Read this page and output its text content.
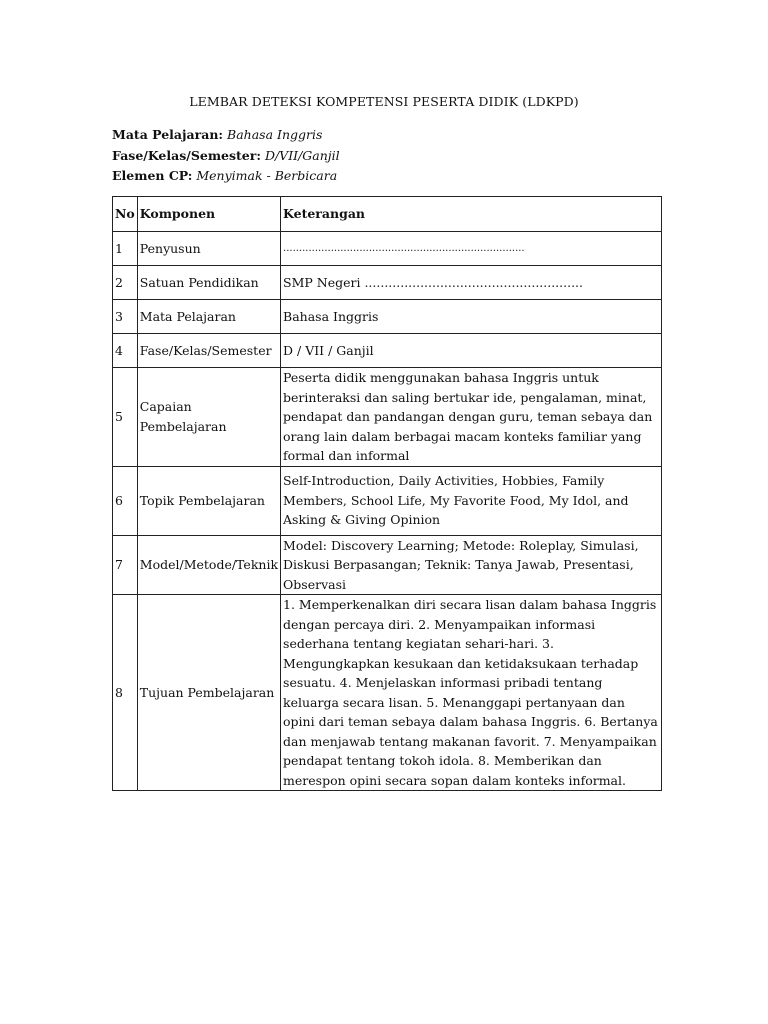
LEMBAR DETEKSI KOMPETENSI PESERTA DIDIK (LDKPD)
Mata Pelajaran: Bahasa Inggris
Fase/Kelas/Semester: D/VII/Ganjil
Elemen CP: Menyimak - Berbicara
No	Komponen	Keterangan
1	Penyusun	............................................................................
2	Satuan Pendidikan	SMP Negeri .......................................................
3	Mata Pelajaran	Bahasa Inggris
4	Fase/Kelas/Semester	D / VII / Ganjil
5	Capaian Pembelajaran	Peserta didik menggunakan bahasa Inggris untuk berinteraksi dan saling bertukar ide, pengalaman, minat, pendapat dan pandangan dengan guru, teman sebaya dan orang lain dalam berbagai macam konteks familiar yang formal dan informal
6	Topik Pembelajaran	Self-Introduction, Daily Activities, Hobbies, Family Members, School Life, My Favorite Food, My Idol, and Asking & Giving Opinion
7	Model/Metode/Teknik	Model: Discovery Learning; Metode: Roleplay, Simulasi, Diskusi Berpasangan; Teknik: Tanya Jawab, Presentasi, Observasi
8	Tujuan Pembelajaran	1. Memperkenalkan diri secara lisan dalam bahasa Inggris dengan percaya diri. 2. Menyampaikan informasi sederhana tentang kegiatan sehari-hari. 3. Mengungkapkan kesukaan dan ketidaksukaan terhadap sesuatu. 4. Menjelaskan informasi pribadi tentang keluarga secara lisan. 5. Menanggapi pertanyaan dan opini dari teman sebaya dalam bahasa Inggris. 6. Bertanya dan menjawab tentang makanan favorit. 7. Menyampaikan pendapat tentang tokoh idola. 8. Memberikan dan merespon opini secara sopan dalam konteks informal.
